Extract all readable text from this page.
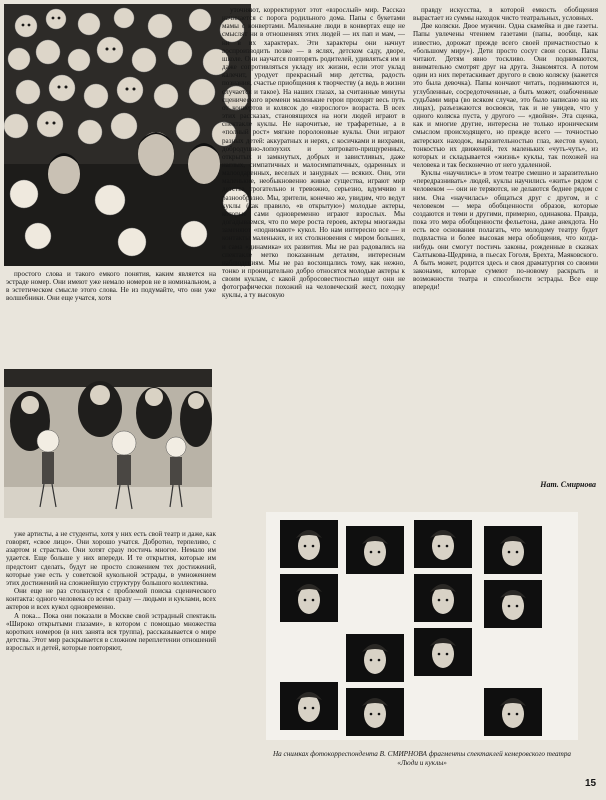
простого слова и такого емкого понятия, каким является на эстраде номер. Они имеют уже немало номеров не в номинальном, а в эстетическом смысле этого слова. Не из подумайте, что они уже волшебники. Они еще учатся, хотя

уже артисты, а не студенты, хотя у них есть свой театр и даже, как говорят, «свое лицо». Они хорошо учатся. Добротно, терпеливо, с азартом и страстью. Они хотят сразу постичь многое. Немало им удается. Еще больше у них впереди. И те открытия, которые им предстоит сделать, будут не просто сложением тех достижений, которые уже есть у советской кукольной эстрады, в умножением этих достижений на сложнейшую структуру большого коллектива.

Они еще не раз столкнутся с проблемой поиска сценического контакта: одного человека со всеми сразу — людьми и куклами, всех актеров и всех кукол одновременно.

А пока... Пока они показали в Москве свой эстрадный спектакль «Широко открытыми глазами», в котором с помощью множества коротких номеров (в них занята вся труппа), рассказывается о мире детства. Этот мир раскрывается в сложном переплетении отношений взрослых и детей, которые повторяют,

уточняют, корректируют этот «взрослый» мир. Рассказ начинается с порога родильного дома. Папы с букетами мамы с конвертами. Маленькие люди в конвертах еще не смыслят ни в отношениях этих людей — их пап и мам, — ни в их характерах. Эти характеры они начнут воспроизводить позже — в яслях, детском саду, дворе, школе. Они научатся повторять родителей, удивляться им и даже сопротивляться укладу их жизни, если этот уклад калечит, уродует прекрасный мир детства, радость познания, счастье приобщения к творчеству (а ведь в жизни случается и такое). На наших глазах, за считанные минуты сценического времени маленькие герои проходят весь путь от конвертов и колясок до «взрослого» возраста. В всех этих рассказах, становящихся на ноги людей играют в спектакле куклы. Не нарочитые, не трафаретные, а в «полный рост» мягкие поролоновые куклы. Они играют разных детей: аккуратных и нерях, с косичками и вихрами, добродушно-лопоухих и хитровато-прищуренных, открытых и замкнутых, добрых и завистливых, даже наглых, симпатичных и малосимпатичных, одаренных и малоодаренных, веселых и занудных — всяких. Они, эти маленькие, необыкновенно живые существа, играют мир детства трогательно и тревожно, серьезно, вдумчиво и разнообразно. Мы, зрители, конечно же, увидим, что ведут куклы (как правило, «в открытую») молодые актеры, которые сами одновременно играют взрослых. Мы догадываемся, что по мере роста героев, актеры многажды заменяют «поднимают» кукол. Но нам интересно все — и контакты маленьких, и их столкновения с миром больших, и сама «динамика» их развития. Мы не раз радовались на спектакле метко показанным деталям, интересным наблюдениям. Мы не раз восхищались тому, как нежно, тонко и проницательно добро относятся молодые актеры к своим куклам, с какой добросовестностью ищут они не фотографически похожий на человеческий жест, походку куклы, а ту высокую

правду искусства, в которой емкость обобщения вырастает из суммы находок чисто театральных, условных.

Две коляски. Двое мужчин. Одна скамейка и две газеты. Папы увлечены чтением газетами (папы, вообще, как известно, дорожат прежде всего своей причастностью к «большому миру»). Дети просто сосут свои соски. Папы читают. Детям явно тоскливо. Они поднимаются, внимательно смотрят друг на друга. Знакомятся. А потом один из них перетаскивает другого в свою коляску (кажется это была девочка). Папы кончают читать, поднимаются и, углубленные, сосредоточенные, а быть может, озабоченные судьбами мира (во всяком случае, это было написано на их лицах), разъезжаются восвояси, так и не увидев, что у одного коляска пуста, у другого — «двойня». Эта сценка, как и многие другие, интересна не только ироническим смыслом происходящего, но прежде всего — точностью актерских находок, выразительностью глаз, жестов кукол, тонкостью их движений, тех маленьких «чуть-чуть», из которых и складывается «жизнь» куклы, так похожей на человека и так бесконечно от него удаленной.

Куклы «научились» в этом театре смешно и заразительно «передразнивать» людей, куклы научились «жить» рядом с человеком — они не теряются, не делаются беднее рядом с ним. Она «научилась» общаться друг с другом, и с человеком — мера обобщенности образов, которые создаются и теми и другими, примерно, одинакова. Правда, пока это мера обобщенности фельетона, даже анекдота. Но есть все основания полагать, что молодому театру будет подвластна и более высокая мера обобщения, что когда-нибудь они смогут постичь законы, рожденные в сказках Салтыкова-Щедрина, в пьесах Гоголя, Брехта, Маяковского. А быть может, родится здесь и своя драматургия со своими законами, которые сумеют по-новому раскрыть и возможности театра и способности эстрады. Все еще впереди!

Нат. Смирнова
На снимках фотокорреспондента В. СМИРНОВА фрагменты спектаклей кемеровского театра «Люди и куклы»
15
